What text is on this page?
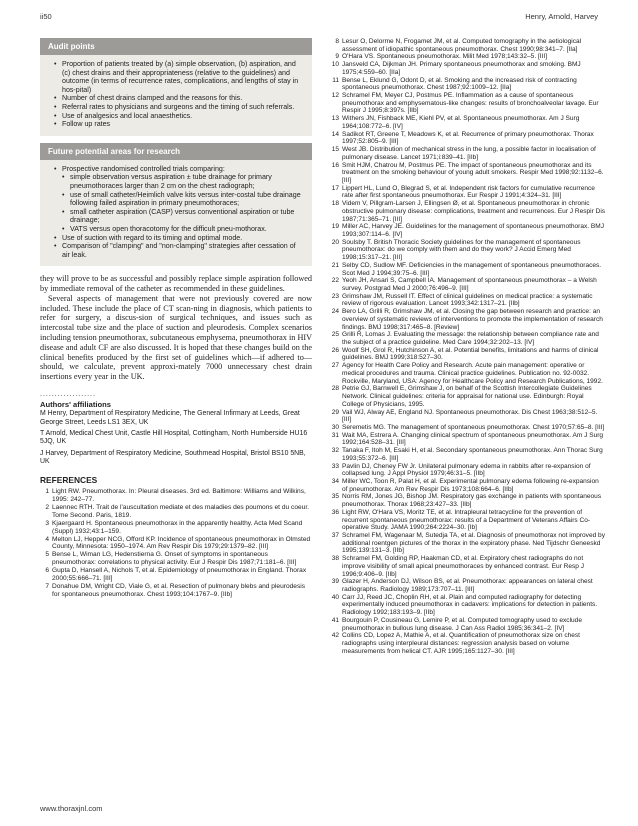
ii50	Henry, Arnold, Harvey
Audit points
• Proportion of patients treated by (a) simple observation, (b) aspiration, and (c) chest drains and their appropriateness (relative to the guidelines) and outcome (in terms of recurrence rates, complications, and lengths of stay in hos-pital)
• Number of chest drains clamped and the reasons for this.
• Referral rates to physicians and surgeons and the timing of such referrals.
• Use of analgesics and local anaesthetics.
• Follow up rates
Future potential areas for research
• Prospective randomised controlled trials comparing:
• simple observation versus aspiration ± tube drainage for primary pneumothoraces larger than 2 cm on the chest radiograph;
• use of small catheter/Heimlich valve kits versus inter-costal tube drainage following failed aspiration in primary pneumothoraces;
• small catheter aspiration (CASP) versus conventional aspiration or tube drainage;
• VATS versus open thoracotomy for the difficult pneu-mothorax.
• Use of suction with regard to its timing and optimal mode.
• Comparison of "clamping" and "non-clamping" strategies after cessation of air leak.

they will prove to be as successful and possibly replace simple aspiration followed by immediate removal of the catheter as recommended in these guidelines.

Several aspects of management that were not previously covered are now included. These include the place of CT scan-ning in diagnosis, which patients to refer for surgery, a discus-sion of surgical techniques, and issues such as intercostal tube size and the place of suction and pleurodesis. Complex scenarios including tension pneumothorax, subcutaneous emphysema, pneumothorax in HIV disease and adult CF are also discussed. It is hoped that these changes build on the clinical benefits produced by the first set of guidelines which—if adhered to—should, we calculate, prevent approxi-mately 7000 unnecessary chest drain insertions every year in the UK.

...................
Authors' affiliations

M Henry, Department of Respiratory Medicine, The General Infirmary at Leeds, Great George Street, Leeds LS1 3EX, UK

T Arnold, Medical Chest Unit, Castle Hill Hospital, Cottingham, North Humberside HU16 5JQ, UK

J Harvey, Department of Respiratory Medicine, Southmead Hospital, Bristol BS10 5NB, UK

REFERENCES
1 Light RW. Pneumothorax. In: Pleural diseases. 3rd ed. Baltimore: Williams and Wilkins, 1995: 242–77.
2 Laennec RTH. Trait de l'auscultation mediate et des maladies des poumons et du coeur. Tome Second. Paris, 1819.
3 Kjaergaard H. Spontaneous pneumothorax in the apparently healthy. Acta Med Scand (Suppl) 1932;43:1–159.
4 Melton LJ, Hepper NCG, Offord KP. Incidence of spontaneous pneumothorax in Olmsted County, Minnesota: 1950–1974. Am Rev Respir Dis 1979;29:1379–82. [III]
5 Bense L, Wiman LG, Hedenstierna G. Onset of symptoms in spontaneous pneumothorax: correlations to physical activity. Eur J Respir Dis 1987;71:181–6. [III]
6 Gupta D, Hansell A, Nichols T, et al. Epidemiology of pneumothorax in England. Thorax 2000;55:666–71. [III]
7 Donahue DM, Wright CD, Viale G, et al. Resection of pulmonary blebs and pleurodesis for spontaneous pneumothorax. Chest 1993;104:1767–9. [IIb]
8 Lesur O, Delorme N, Frogamet JM, et al. Computed tomography in the aetiological assessment of idiopathic spontaneous pneumothorax. Chest 1990;98:341–7. [IIa]
9 O'Hara VS. Spontaneous pneumothorax. Milit Med 1978;143:32–5. [III]
10 Jansveld CA, Dijkman JH. Primary spontaneous pneumothorax and smoking. BMJ 1975;4:559–60. [IIa]
11 Bense L, Eklund G, Odont D, et al. Smoking and the increased risk of contracting spontaneous pneumothorax. Chest 1987;92:1009–12. [IIa]
12 Schramel FM, Meyer CJ, Postmus PE. Inflammation as a cause of spontaneous pneumothorax and emphysematous-like changes: results of bronchoalveolar lavage. Eur Respir J 1995;8:397s. [IIb]
13 Withers JN, Fishback ME, Kiehl PV, et al. Spontaneous pneumothorax. Am J Surg 1964;108:772–6. [IV]
14 Sadikot RT, Greene T, Meadows K, et al. Recurrence of primary pneumothorax. Thorax 1997;52:805–9. [III]
15 West JB. Distribution of mechanical stress in the lung, a possible factor in localisation of pulmonary disease. Lancet 1971;i:839–41. [IIb]
16 Smit HJM, Chatrou M, Postmus PE. The impact of spontaneous pneumothorax and its treatment on the smoking behaviour of young adult smokers. Respir Med 1998;92:1132–6. [III]
17 Lippert HL, Lund O, Blegrad S, et al. Independent risk factors for cumulative recurrence rate after first spontaneous pneumothorax. Eur Respir J 1991;4:324–31. [III]
18 Videm V, Pillgram-Larsen J, Ellingsen Ø, et al. Spontaneous pneumothorax in chronic obstructive pulmonary disease: complications, treatment and recurrences. Eur J Respir Dis 1987;71:365–71. [III]
19 Miller AC, Harvey JE. Guidelines for the management of spontaneous pneumothorax. BMJ 1993;307:114–6. [IV]
20 Soulsby T. British Thoracic Society guidelines for the management of spontaneous pneumothorax: do we comply with them and do they work? J Accid Emerg Med 1998;15:317–21. [III]
21 Selby CD, Sudlow MF. Deficiencies in the management of spontaneous pneumothoraces. Scot Med J 1994;39:75–6. [III]
22 Yeoh JH, Ansari S, Campbell IA. Management of spontaneous pneumothorax – a Welsh survey. Postgrad Med J 2000;76:496–9. [III]
23 Grimshaw JM, Russell IT. Effect of clinical guidelines on medical practice: a systematic review of rigorous evaluation. Lancet 1993;342:1317–21. [IIb]
24 Bero LA, Grilli R, Grimshaw JM, et al. Closing the gap between research and practice: an overview of systematic reviews of interventions to promote the implementation of research findings. BMJ 1998;317:465–8. [Review]
25 Grilli R, Lomas J. Evaluating the message: the relationship between compliance rate and the subject of a practice guideline. Med Care 1994;32:202–13. [IV]
26 Woolf SH, Grol R, Hutchinson A, et al. Potential benefits, limitations and harms of clinical guidelines. BMJ 1999;318:527–30.
27 Agency for Health Care Policy and Research. Acute pain management: operative or medical procedures and trauma. Clinical practice guidelines. Publication no. 92-0032. Rockville, Maryland, USA: Agency for Healthcare Policy and Research Publications, 1992.
28 Petrie GJ, Barnwell E, Grimshaw J, on behalf of the Scottish Intercollegiate Guidelines Network. Clinical guidelines: criteria for appraisal for national use. Edinburgh: Royal College of Physicians, 1995.
29 Vail WJ, Alway AE, England NJ. Spontaneous pneumothorax. Dis Chest 1963;38:512–5. [III]
30 Seremetis MG. The management of spontaneous pneumothorax. Chest 1970;57:65–8. [III]
31 Wait MA, Estrera A. Changing clinical spectrum of spontaneous pneumothorax. Am J Surg 1992;164:528–31. [III]
32 Tanaka F, Itoh M, Esaki H, et al. Secondary spontaneous pneumothorax. Ann Thorac Surg 1993;55:372–6. [III]
33 Pavlin DJ, Cheney FW Jr. Unilateral pulmonary edema in rabbits after re-expansion of collapsed lung. J Appl Physiol 1979;46:31–5. [IIb]
34 Miller WC, Toon R, Palat H, et al. Experimental pulmonary edema following re-expansion of pneumothorax. Am Rev Respir Dis 1973;108:664–6. [IIb]
35 Norris RM, Jones JG, Bishop JM. Respiratory gas exchange in patients with spontaneous pneumothorax. Thorax 1968;23:427–33. [IIb]
36 Light RW, O'Hara VS, Moritz TE, et al. Intrapleural tetracycline for the prevention of recurrent spontaneous pneumothorax: results of a Department of Veterans Affairs Co-operative Study. JAMA 1990;264:2224–30. [Ib]
37 Schramel FM, Wagenaar M, Sutedja TA, et al. Diagnosis of pneumothorax not improved by additional roentgen pictures of the thorax in the expiratory phase. Ned Tijdschr Geneeskd 1995;139:131–3. [IIb]
38 Schramel FM, Golding RP, Haakman CD, et al. Expiratory chest radiographs do not improve visibility of small apical pneumothoraces by enhanced contrast. Eur Resp J 1996;9:406–9. [IIb]
39 Glazer H, Anderson DJ, Wilson BS, et al. Pneumothorax: appearances on lateral chest radiographs. Radiology 1989;173:707–11. [III]
40 Carr JJ, Reed JC, Choplin RH, et al. Plain and computed radiography for detecting experimentally induced pneumothorax in cadavers: implications for detection in patients. Radiology 1992;183:193–9. [IIb]
41 Bourgouin P, Cousineau G, Lemire P, et al. Computed tomography used to exclude pneumothorax in bullous lung disease. J Can Ass Radiol 1985;36:341–2. [IV]
42 Collins CD, Lopez A, Mathie A, et al. Quantification of pneumothorax size on chest radiographs using interpleural distances: regression analysis based on volume measurements from helical CT. AJR 1995;165:1127–30. [III]
www.thoraxjnl.com
